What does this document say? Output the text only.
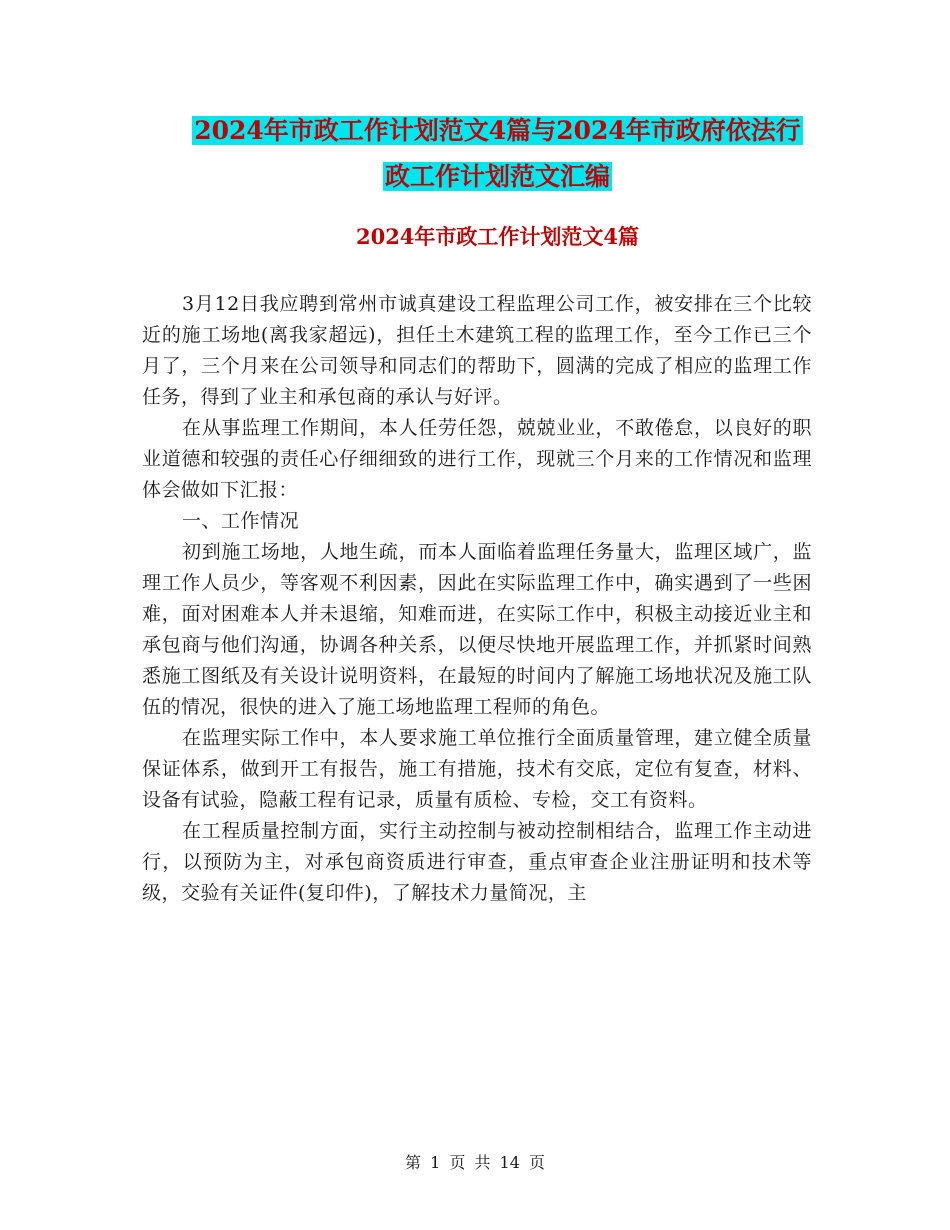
2024年市政工作计划范文4篇与2024年市政府依法行
政工作计划范文汇编
2024年市政工作计划范文4篇

3月12日我应聘到常州市诚真建设工程监理公司工作，被安排在三个比较近的施工场地(离我家超远)，担任土木建筑工程的监理工作，至今工作已三个月了，三个月来在公司领导和同志们的帮助下，圆满的完成了相应的监理工作任务，得到了业主和承包商的承认与好评。

在从事监理工作期间，本人任劳任怨，兢兢业业，不敢倦怠，以良好的职业道德和较强的责任心仔细细致的进行工作，现就三个月来的工作情况和监理体会做如下汇报：

一、工作情况

初到施工场地，人地生疏，而本人面临着监理任务量大，监理区域广，监理工作人员少，等客观不利因素，因此在实际监理工作中，确实遇到了一些困难，面对困难本人并未退缩，知难而进，在实际工作中，积极主动接近业主和承包商与他们沟通，协调各种关系，以便尽快地开展监理工作，并抓紧时间熟悉施工图纸及有关设计说明资料，在最短的时间内了解施工场地状况及施工队伍的情况，很快的进入了施工场地监理工程师的角色。

在监理实际工作中，本人要求施工单位推行全面质量管理，建立健全质量保证体系，做到开工有报告，施工有措施，技术有交底，定位有复查，材料、设备有试验，隐蔽工程有记录，质量有质检、专检，交工有资料。

在工程质量控制方面，实行主动控制与被动控制相结合，监理工作主动进行，以预防为主，对承包商资质进行审查，重点审查企业注册证明和技术等级，交验有关证件(复印件)，了解技术力量简况，主

第 1 页 共 14 页
